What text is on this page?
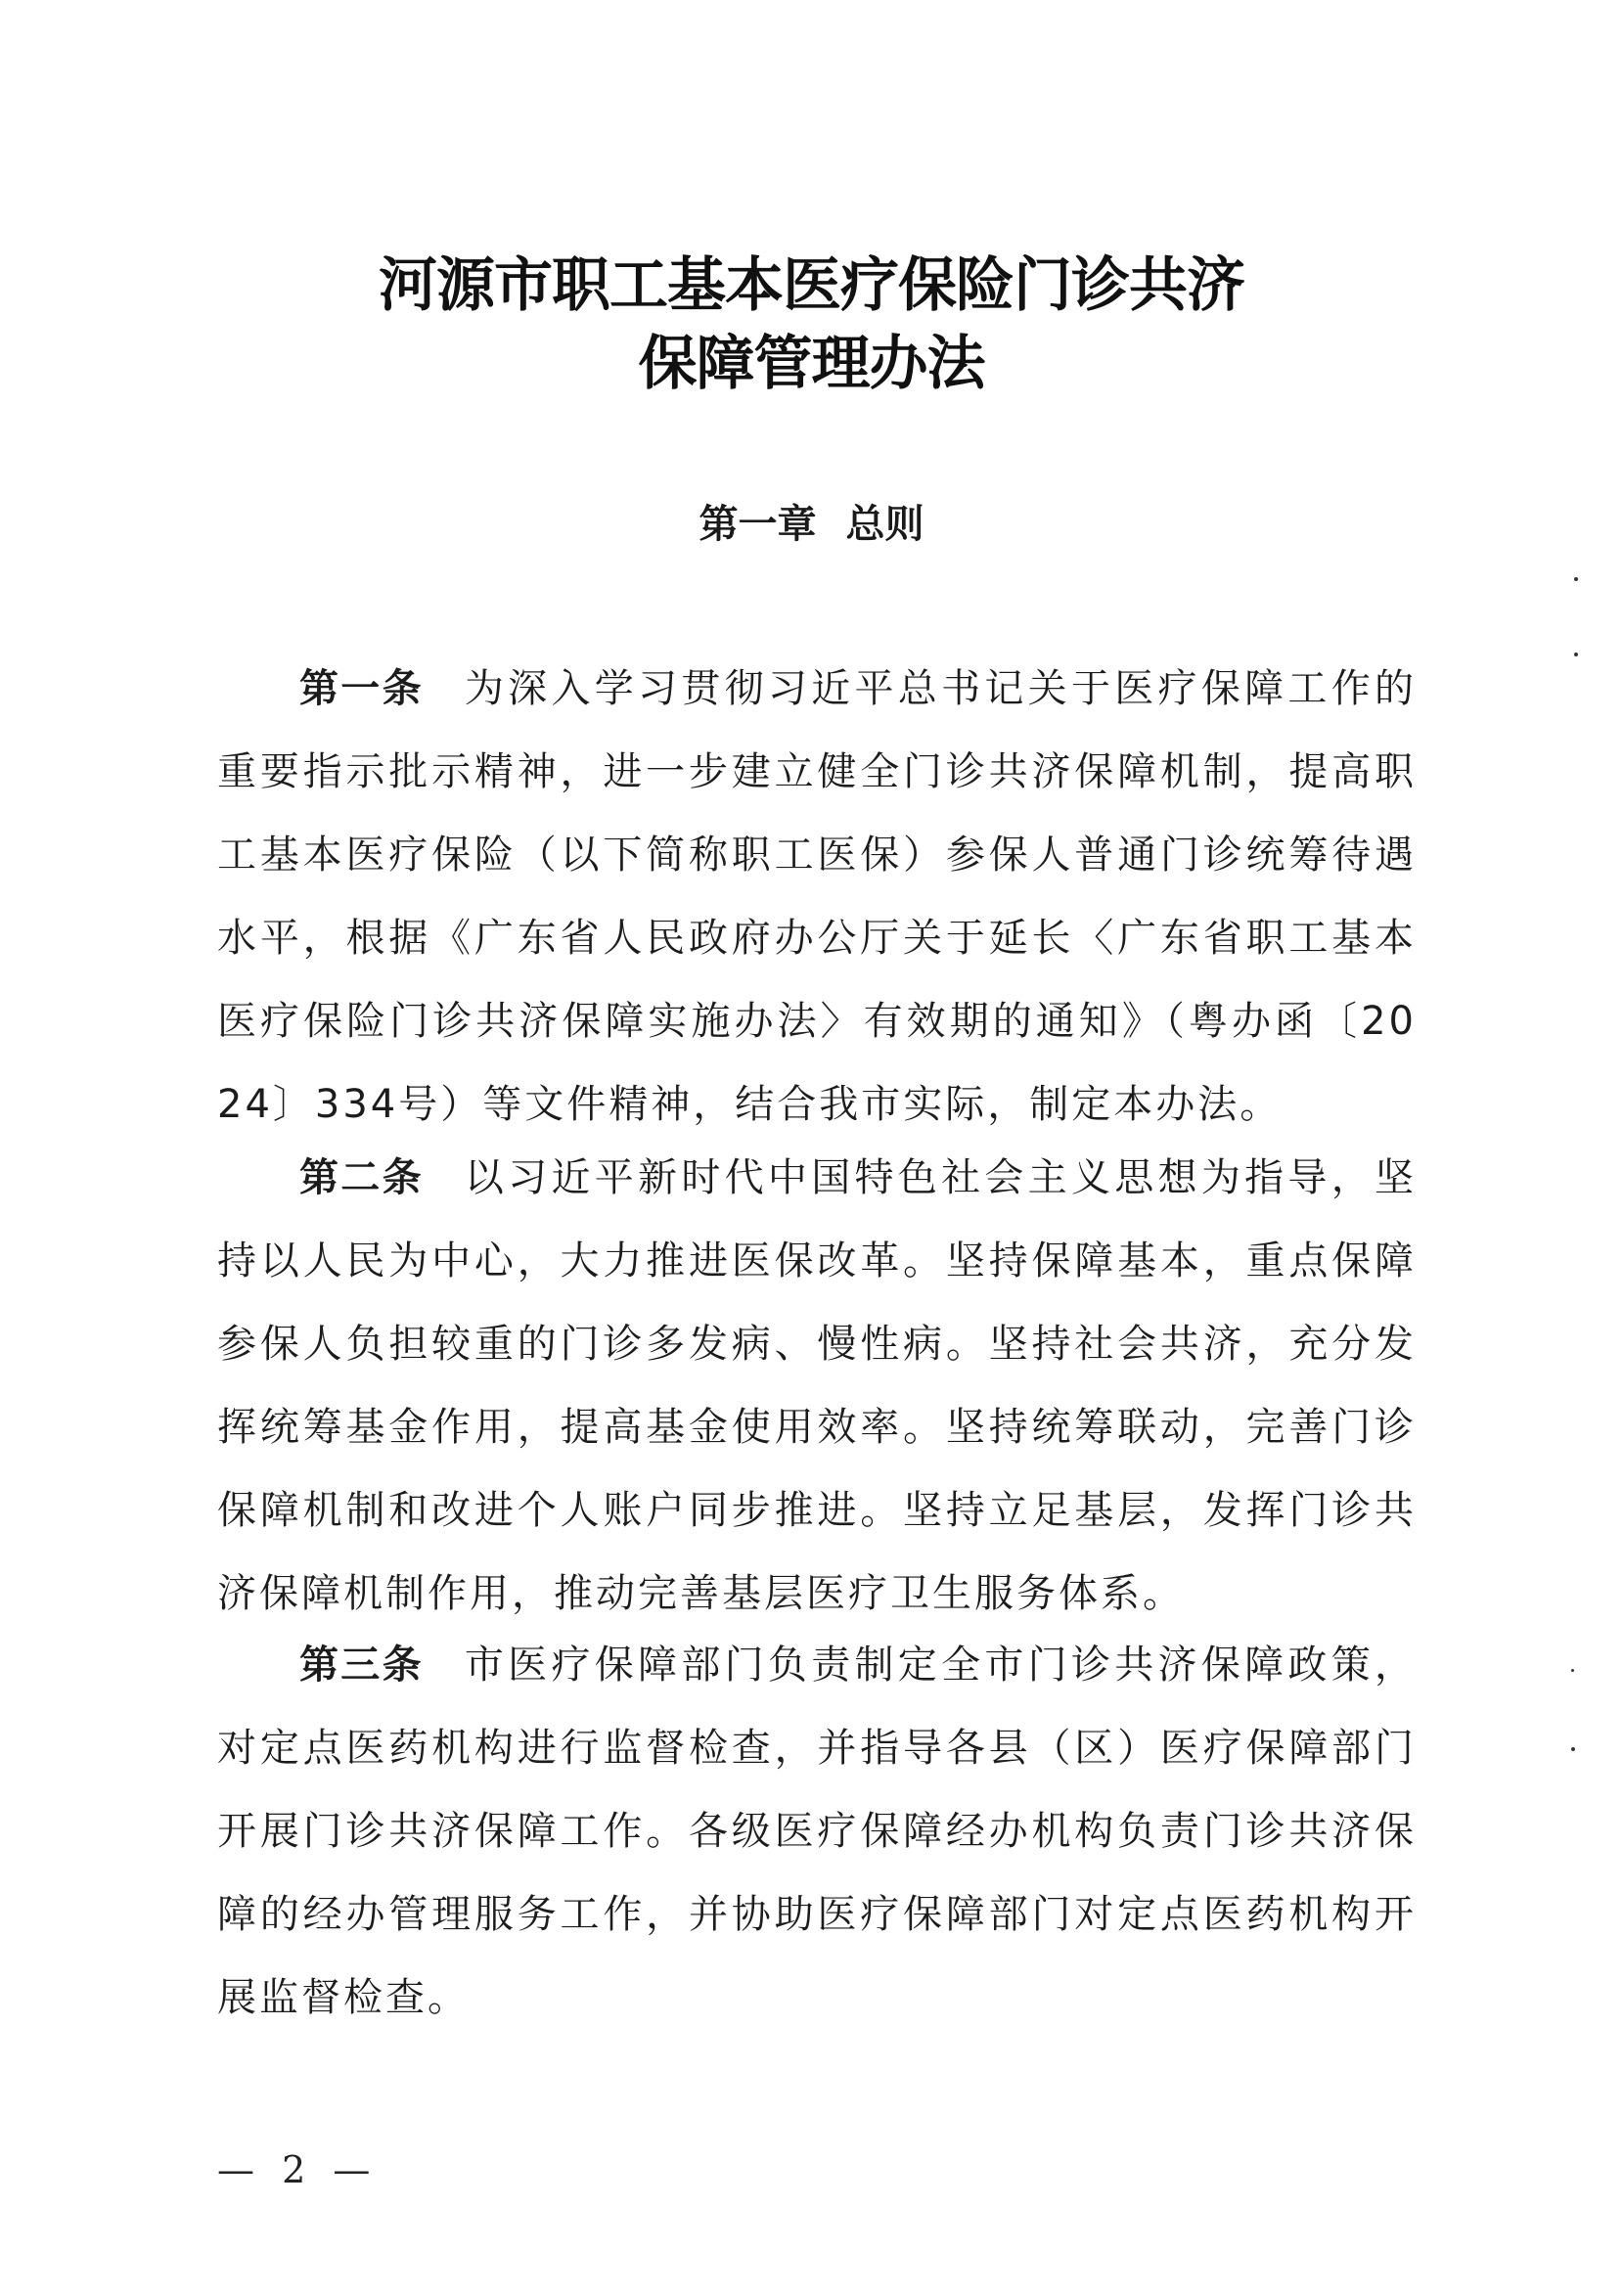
河源市职工基本医疗保险门诊共济
保障管理办法
第一章 总则

第一条 为深入学习贯彻习近平总书记关于医疗保障工作的重要指示批示精神，进一步建立健全门诊共济保障机制，提高职工基本医疗保险（以下简称职工医保）参保人普通门诊统筹待遇水平，根据《广东省人民政府办公厅关于延长〈广东省职工基本医疗保险门诊共济保障实施办法〉有效期的通知》（粤办函〔2024〕334号）等文件精神，结合我市实际，制定本办法。

第二条 以习近平新时代中国特色社会主义思想为指导，坚持以人民为中心，大力推进医保改革。坚持保障基本，重点保障参保人负担较重的门诊多发病、慢性病。坚持社会共济，充分发挥统筹基金作用，提高基金使用效率。坚持统筹联动，完善门诊保障机制和改进个人账户同步推进。坚持立足基层，发挥门诊共济保障机制作用，推动完善基层医疗卫生服务体系。

第三条 市医疗保障部门负责制定全市门诊共济保障政策，对定点医药机构进行监督检查，并指导各县（区）医疗保障部门开展门诊共济保障工作。各级医疗保障经办机构负责门诊共济保障的经办管理服务工作，并协助医疗保障部门对定点医药机构开展监督检查。

— 2 —
